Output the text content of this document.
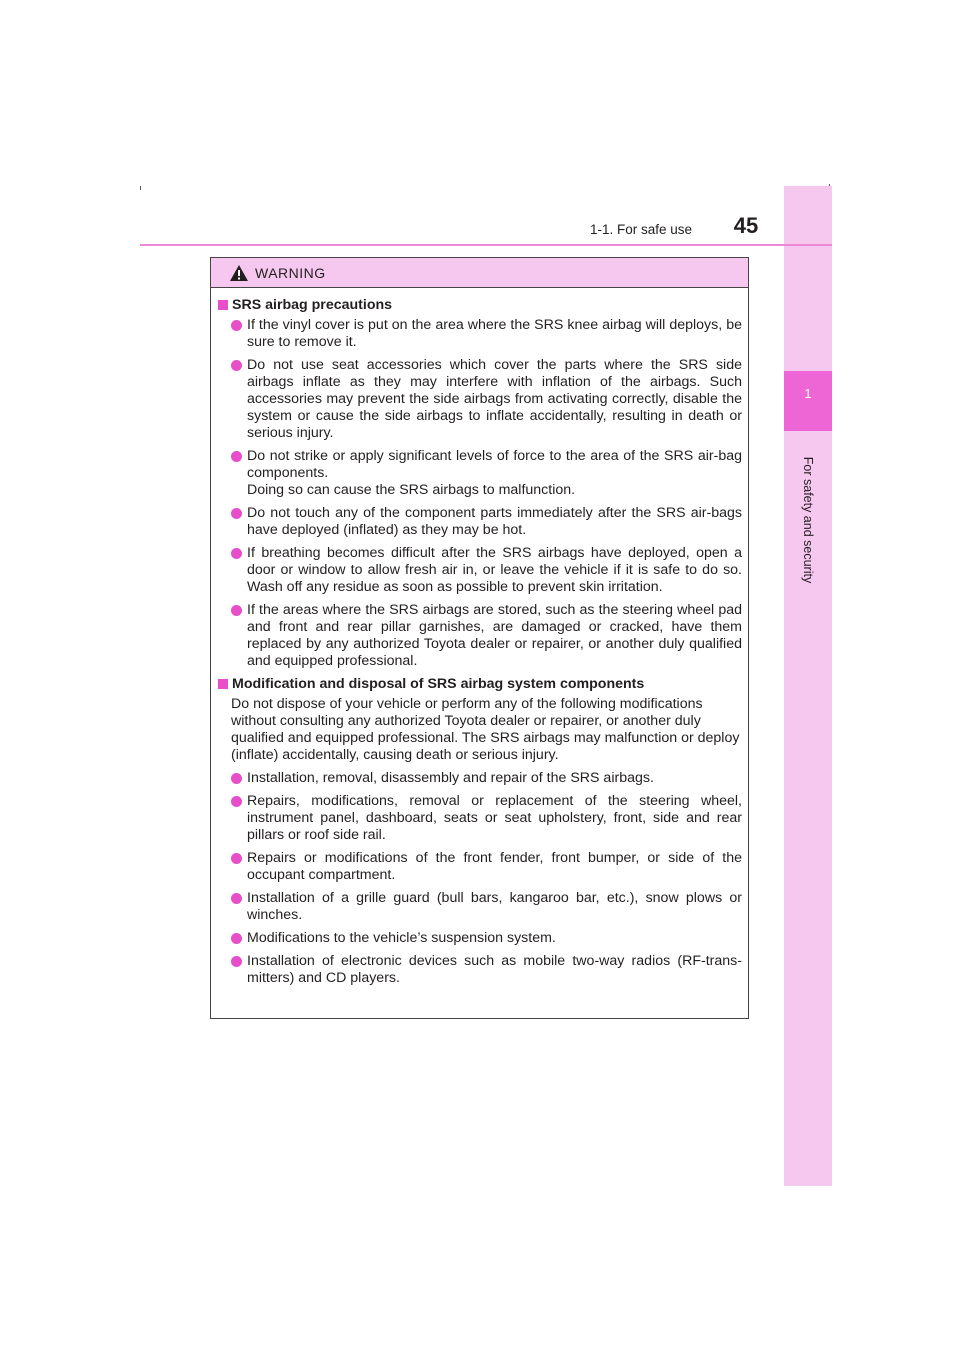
1
For safety and security
1-1. For safe use	45
WARNING
SRS airbag precautions
If the vinyl cover is put on the area where the SRS knee airbag will deploys, be sure to remove it.
Do not use seat accessories which cover the parts where the SRS side airbags inflate as they may interfere with inflation of the airbags. Such accessories may prevent the side airbags from activating correctly, disable the system or cause the side airbags to inflate accidentally, resulting in death or serious injury.
Do not strike or apply significant levels of force to the area of the SRS air-bag components.
Doing so can cause the SRS airbags to malfunction.
Do not touch any of the component parts immediately after the SRS air-bags have deployed (inflated) as they may be hot.
If breathing becomes difficult after the SRS airbags have deployed, open a door or window to allow fresh air in, or leave the vehicle if it is safe to do so. Wash off any residue as soon as possible to prevent skin irritation.
If the areas where the SRS airbags are stored, such as the steering wheel pad and front and rear pillar garnishes, are damaged or cracked, have them replaced by any authorized Toyota dealer or repairer, or another duly qualified and equipped professional.
Modification and disposal of SRS airbag system components
Do not dispose of your vehicle or perform any of the following modifications without consulting any authorized Toyota dealer or repairer, or another duly qualified and equipped professional. The SRS airbags may malfunction or deploy (inflate) accidentally, causing death or serious injury.
Installation, removal, disassembly and repair of the SRS airbags.
Repairs, modifications, removal or replacement of the steering wheel, instrument panel, dashboard, seats or seat upholstery, front, side and rear pillars or roof side rail.
Repairs or modifications of the front fender, front bumper, or side of the occupant compartment.
Installation of a grille guard (bull bars, kangaroo bar, etc.), snow plows or winches.
Modifications to the vehicle’s suspension system.
Installation of electronic devices such as mobile two-way radios (RF-trans-mitters) and CD players.
